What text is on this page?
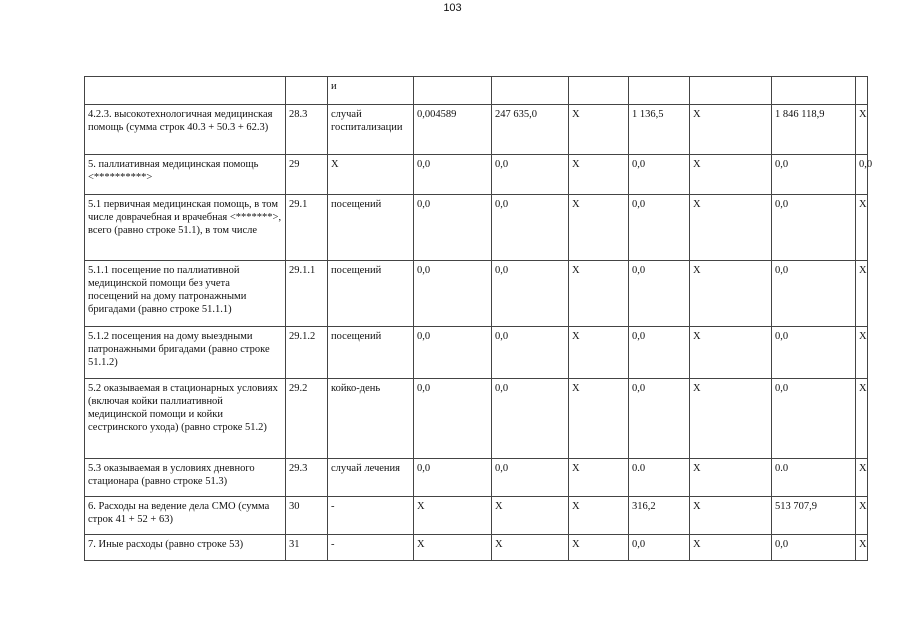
103
		и							
4.2.3. высокотехнологичная медицинская помощь (сумма строк 40.3 + 50.3 + 62.3)	28.3	случай госпитализации	0,004589	247 635,0	X	1 136,5	X	1 846 118,9	X
5. паллиативная медицинская помощь <**********>	29	X	0,0	0,0	X	0,0	X	0,0	0,0
5.1 первичная медицинская помощь, в том числе доврачебная и врачебная <*******>, всего (равно строке 51.1), в том числе	29.1	посещений	0,0	0,0	X	0,0	X	0,0	X
5.1.1 посещение по паллиативной медицинской помощи без учета посещений на дому патронажными бригадами (равно строке 51.1.1)	29.1.1	посещений	0,0	0,0	X	0,0	X	0,0	X
5.1.2 посещения на дому выездными патронажными бригадами (равно строке 51.1.2)	29.1.2	посещений	0,0	0,0	X	0,0	X	0,0	X
5.2 оказываемая в стационарных условиях (включая койки паллиативной медицинской помощи и койки сестринского ухода) (равно строке 51.2)	29.2	койко-день	0,0	0,0	X	0,0	X	0,0	X
5.3 оказываемая в условиях дневного стационара (равно строке 51.3)	29.3	случай лечения	0,0	0,0	X	0.0	X	0.0	X
6. Расходы на ведение дела СМО (сумма строк 41 + 52 + 63)	30	-	X	X	X	316,2	X	513 707,9	X
7. Иные расходы (равно строке 53)	31	-	X	X	X	0,0	X	0,0	X
